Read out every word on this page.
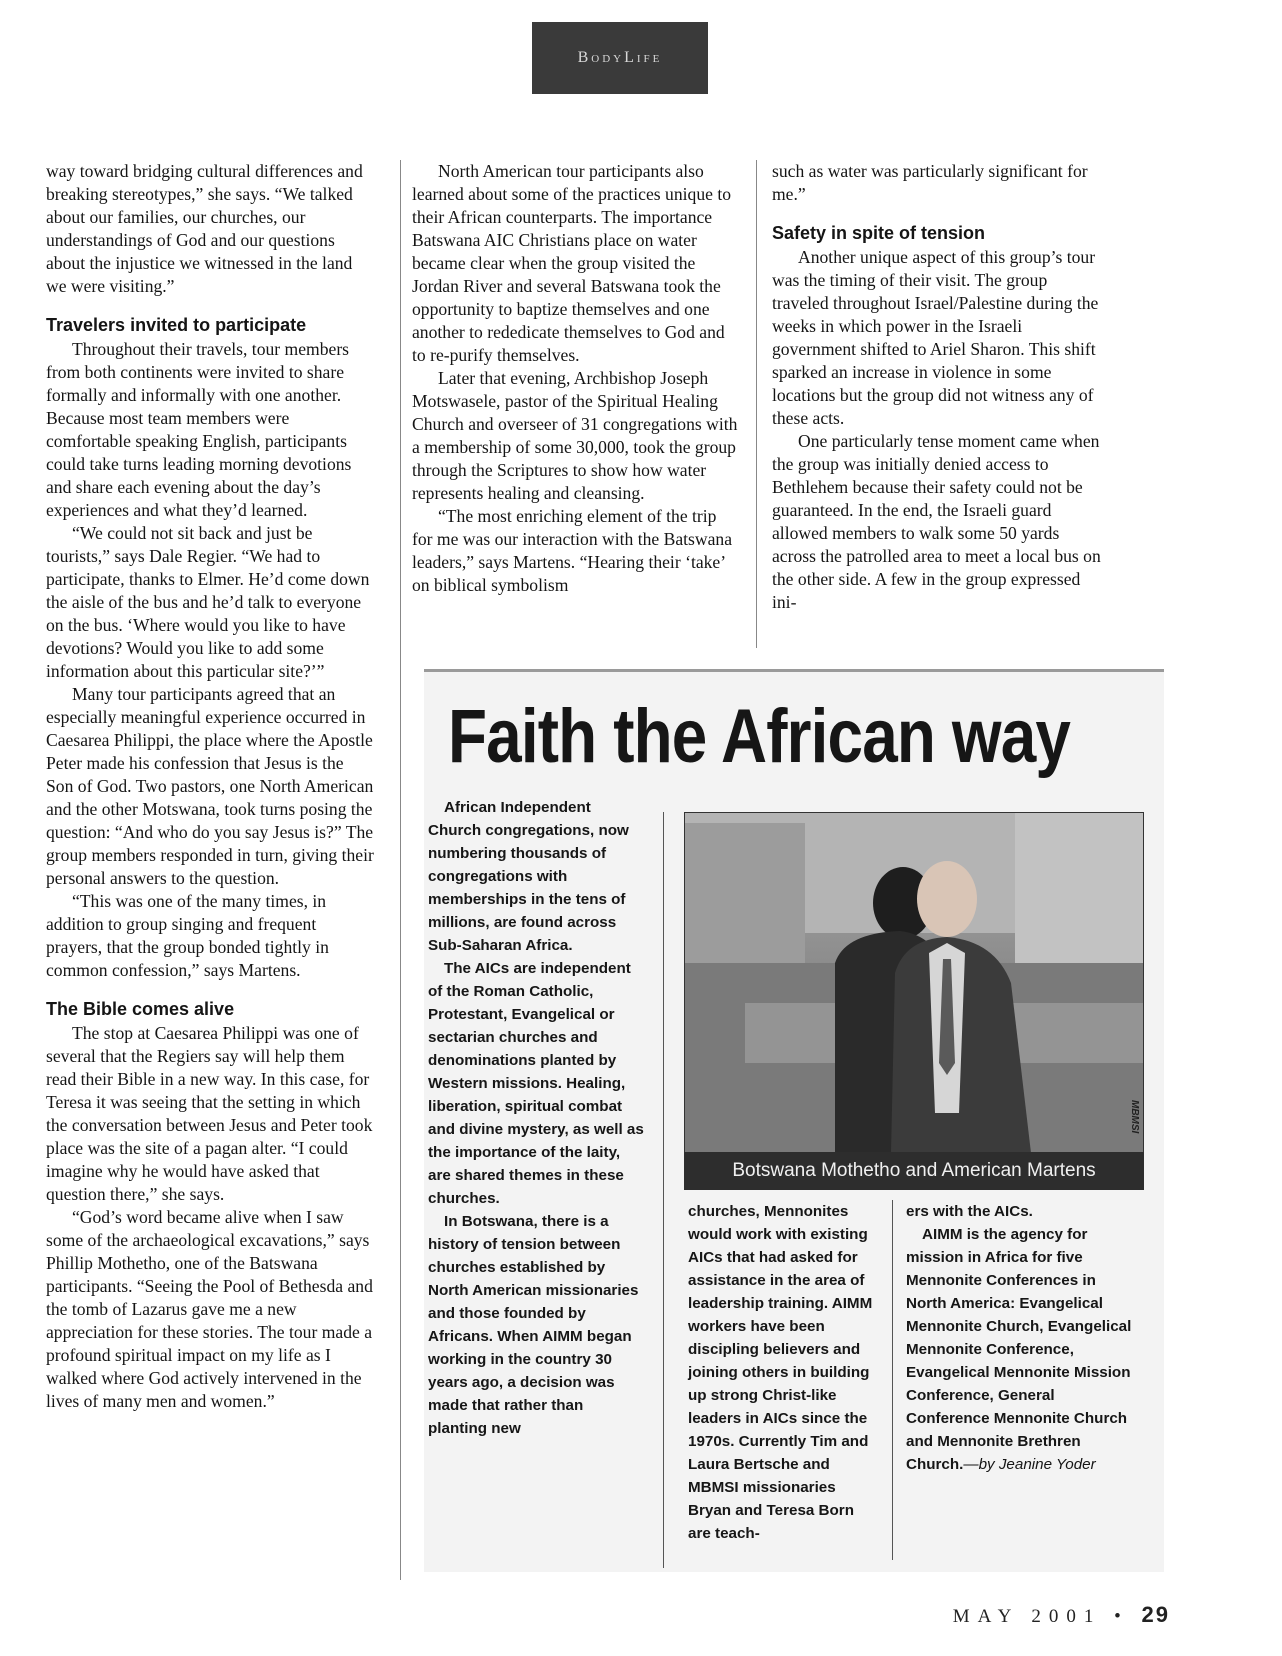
BodyLife

way toward bridging cultural differences and breaking stereotypes,” she says. “We talked about our families, our churches, our understandings of God and our questions about the injustice we witnessed in the land we were visiting.”

Travelers invited to participate

Throughout their travels, tour members from both continents were invited to share formally and informally with one another. Because most team members were comfortable speaking English, participants could take turns leading morning devotions and share each evening about the day’s experiences and what they’d learned.

“We could not sit back and just be tourists,” says Dale Regier. “We had to participate, thanks to Elmer. He’d come down the aisle of the bus and he’d talk to everyone on the bus. ‘Where would you like to have devotions? Would you like to add some information about this particular site?’”

Many tour participants agreed that an especially meaningful experience occurred in Caesarea Philippi, the place where the Apostle Peter made his confession that Jesus is the Son of God. Two pastors, one North American and the other Motswana, took turns posing the question: “And who do you say Jesus is?” The group members responded in turn, giving their personal answers to the question.

“This was one of the many times, in addition to group singing and frequent prayers, that the group bonded tightly in common confession,” says Martens.

The Bible comes alive

The stop at Caesarea Philippi was one of several that the Regiers say will help them read their Bible in a new way. In this case, for Teresa it was seeing that the setting in which the conversation between Jesus and Peter took place was the site of a pagan alter. “I could imagine why he would have asked that question there,” she says.

“God’s word became alive when I saw some of the archaeological excavations,” says Phillip Mothetho, one of the Batswana participants. “Seeing the Pool of Bethesda and the tomb of Lazarus gave me a new appreciation for these stories. The tour made a profound spiritual impact on my life as I walked where God actively intervened in the lives of many men and women.”

North American tour participants also learned about some of the practices unique to their African counterparts. The importance Batswana AIC Christians place on water became clear when the group visited the Jordan River and several Batswana took the opportunity to baptize themselves and one another to rededicate themselves to God and to re-purify themselves.

Later that evening, Archbishop Joseph Motswasele, pastor of the Spiritual Healing Church and overseer of 31 congregations with a membership of some 30,000, took the group through the Scriptures to show how water represents healing and cleansing.

“The most enriching element of the trip for me was our interaction with the Batswana leaders,” says Martens. “Hearing their ‘take’ on biblical symbolism

such as water was particularly significant for me.”

Safety in spite of tension

Another unique aspect of this group’s tour was the timing of their visit. The group traveled throughout Israel/Palestine during the weeks in which power in the Israeli government shifted to Ariel Sharon. This shift sparked an increase in violence in some locations but the group did not witness any of these acts.

One particularly tense moment came when the group was initially denied access to Bethlehem because their safety could not be guaranteed. In the end, the Israeli guard allowed members to walk some 50 yards across the patrolled area to meet a local bus on the other side. A few in the group expressed ini-

Faith the African way

African Independent Church congregations, now numbering thousands of congregations with memberships in the tens of millions, are found across Sub-Saharan Africa.

The AICs are independent of the Roman Catholic, Protestant, Evangelical or sectarian churches and denominations planted by Western missions. Healing, liberation, spiritual combat and divine mystery, as well as the importance of the laity, are shared themes in these churches.

In Botswana, there is a history of tension between churches established by North American missionaries and those founded by Africans. When AIMM began working in the country 30 years ago, a decision was made that rather than planting new

Botswana Mothetho and American Martens
MBMSI

churches, Mennonites would work with existing AICs that had asked for assistance in the area of leadership training. AIMM workers have been discipling believers and joining others in building up strong Christ-like leaders in AICs since the 1970s. Currently Tim and Laura Bertsche and MBMSI missionaries Bryan and Teresa Born are teach-

ers with the AICs.

AIMM is the agency for mission in Africa for five Mennonite Conferences in North America: Evangelical Mennonite Church, Evangelical Mennonite Conference, Evangelical Mennonite Mission Conference, General Conference Mennonite Church and Mennonite Brethren Church.—by Jeanine Yoder

MAY 2001 • 29
